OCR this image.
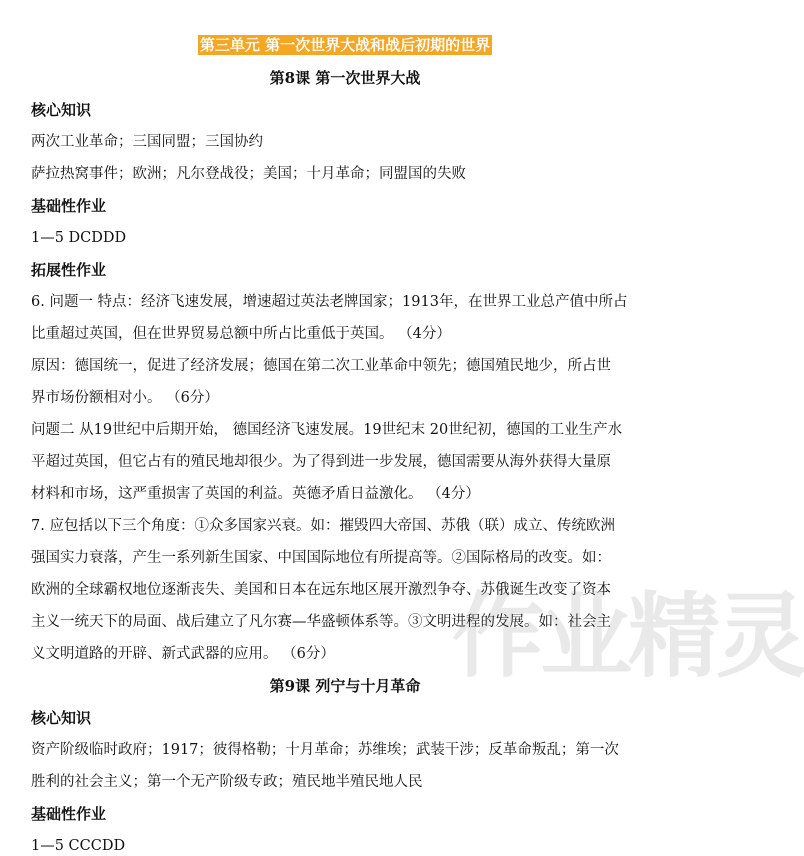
第三单元 第一次世界大战和战后初期的世界
第8课 第一次世界大战
核心知识
两次工业革命；三国同盟；三国协约
萨拉热窝事件；欧洲；凡尔登战役；美国；十月革命；同盟国的失败
基础性作业
1—5 DCDDD
拓展性作业
6. 问题一 特点：经济飞速发展，增速超过英法老牌国家；1913年，在世界工业总产值中所占
比重超过英国，但在世界贸易总额中所占比重低于英国。 （4分）
原因：德国统一，促进了经济发展；德国在第二次工业革命中领先；德国殖民地少，所占世
界市场份额相对小。 （6分）
问题二 从19世纪中后期开始， 德国经济飞速发展。19世纪末 20世纪初，德国的工业生产水
平超过英国，但它占有的殖民地却很少。为了得到进一步发展，德国需要从海外获得大量原
材料和市场，这严重损害了英国的利益。英德矛盾日益激化。 （4分）
7. 应包括以下三个角度：①众多国家兴衰。如：摧毁四大帝国、苏俄（联）成立、传统欧洲
强国实力衰落，产生一系列新生国家、中国国际地位有所提高等。②国际格局的改变。如：
欧洲的全球霸权地位逐渐丧失、美国和日本在远东地区展开激烈争夺、苏俄诞生改变了资本
主义一统天下的局面、战后建立了凡尔赛—华盛顿体系等。③文明进程的发展。如：社会主
义文明道路的开辟、新式武器的应用。 （6分）
第9课 列宁与十月革命
核心知识
资产阶级临时政府；1917；彼得格勒；十月革命；苏维埃；武装干涉；反革命叛乱；第一次
胜利的社会主义；第一个无产阶级专政；殖民地半殖民地人民
基础性作业
1—5 CCCDD
作业精灵
